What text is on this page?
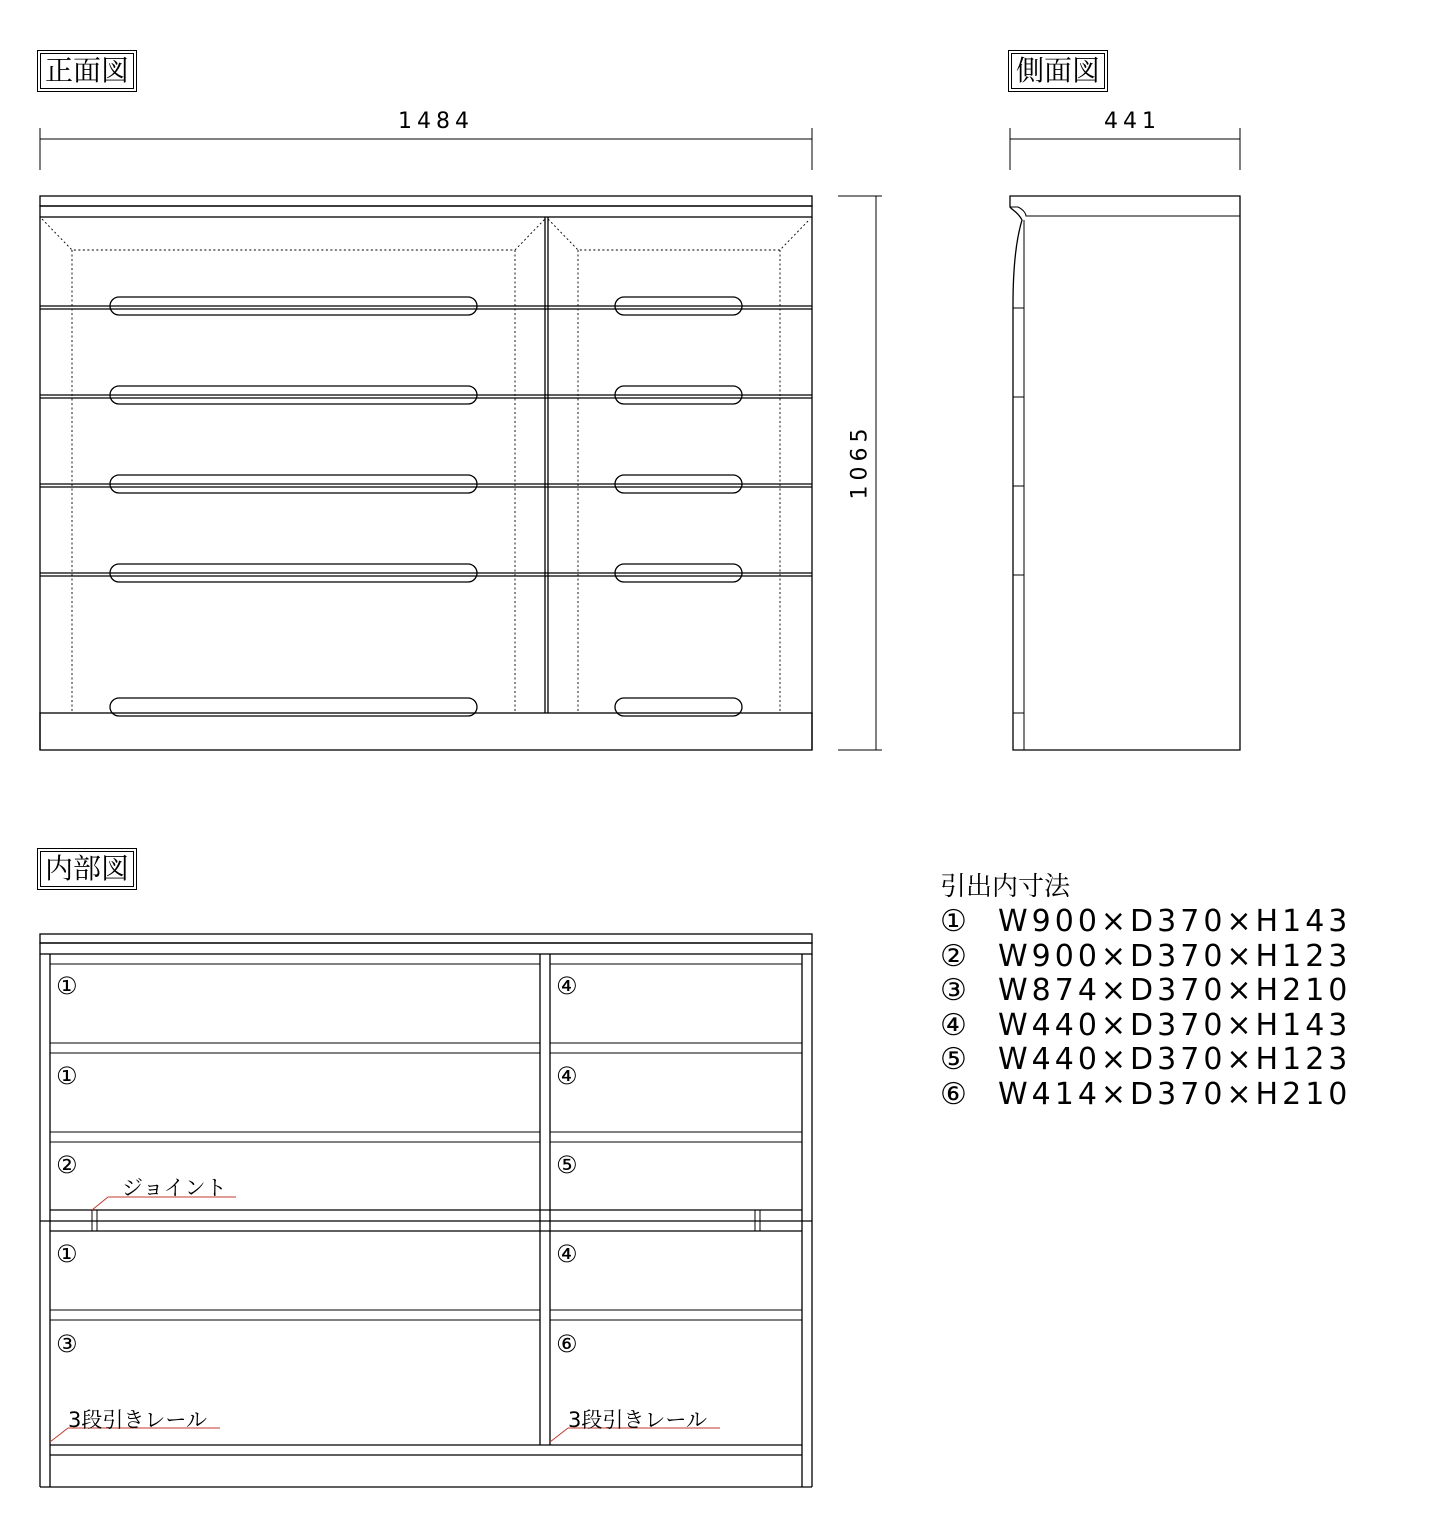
正面図	側面図
内部図
1484	441
1065
①
①
②
①
③
④
④
⑤
④
⑥
ジョイント
3段引きレール	3段引きレール
引出内寸法
① W900×D370×H143
② W900×D370×H123
③ W874×D370×H210
④ W440×D370×H143
⑤ W440×D370×H123
⑥ W414×D370×H210
